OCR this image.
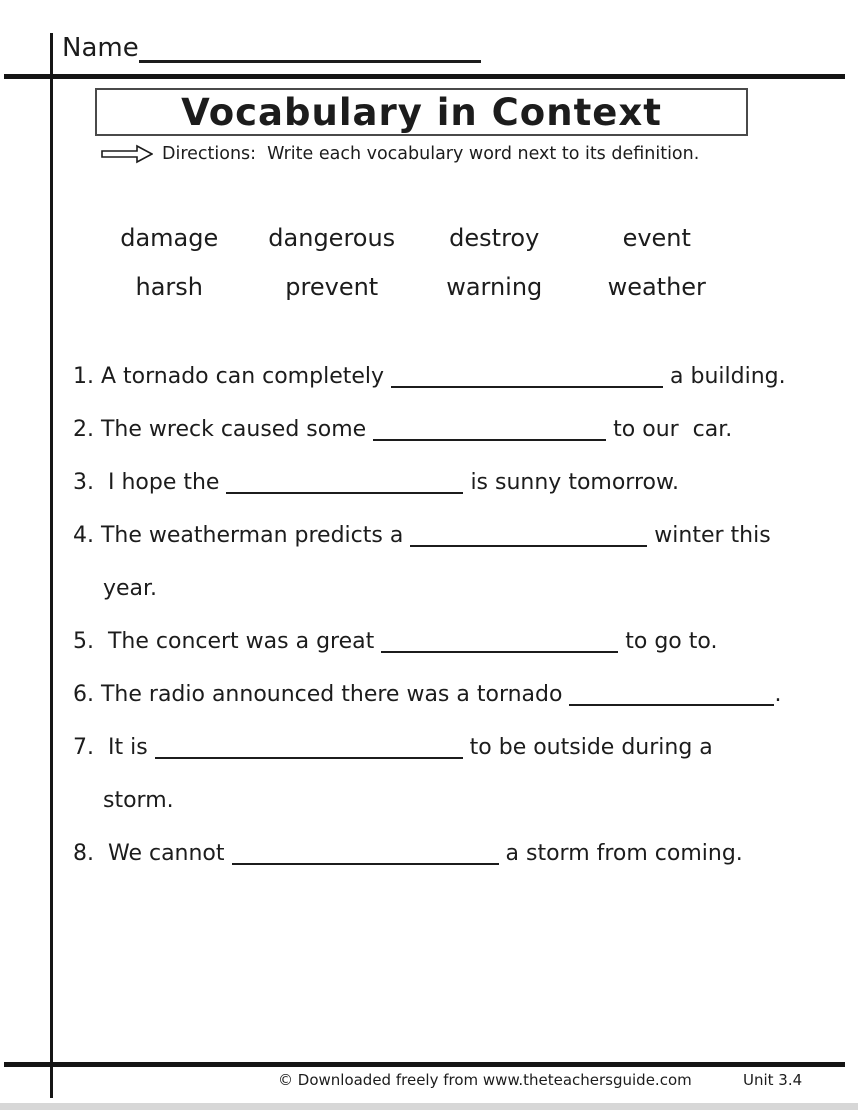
Name
Vocabulary in Context
Directions: Write each vocabulary word next to its definition.
damage	dangerous	destroy	event
harsh	prevent	warning	weather
1. A tornado can completely	a building.
2. The wreck caused some	to our  car.
3.  I hope the	is sunny tomorrow.
4. The weatherman predicts a	winter this
year.
5.  The concert was a great	to go to.
6. The radio announced there was a tornado	.
7.  It is	to be outside during a
storm.
8.  We cannot	a storm from coming.
© Downloaded freely from www.theteachersguide.com	Unit 3.4
